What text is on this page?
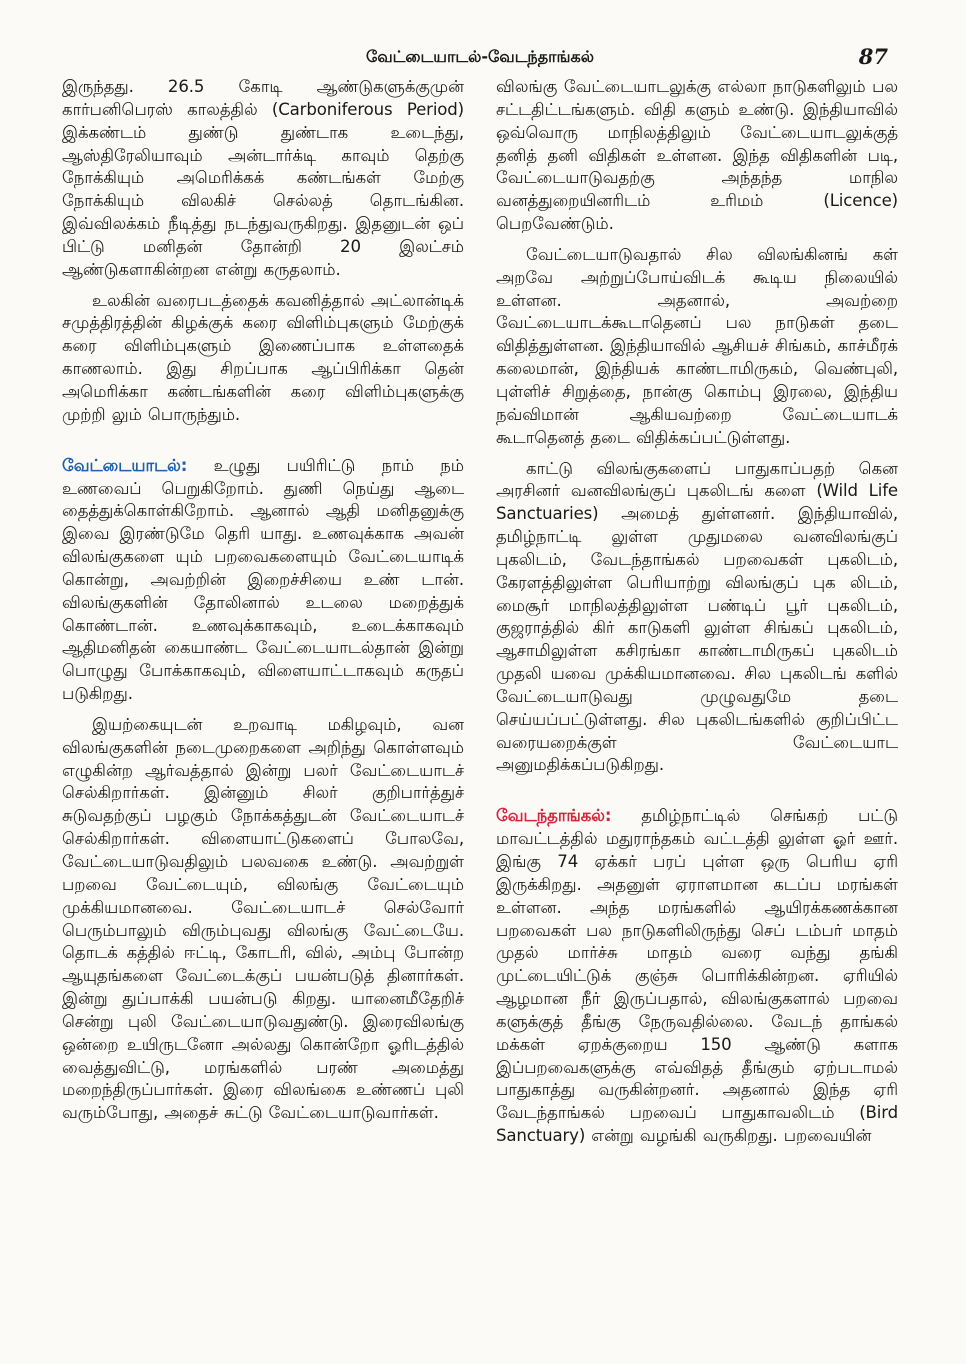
வேட்டையாடல்-வேடந்தாங்கல்	87

இருந்தது. 26.5 கோடி ஆண்டுகளுக்குமுன் கார்பனிபெரஸ் காலத்தில் (Carboniferous Period) இக்கண்டம் துண்டு துண்டாக உடைந்து, ஆஸ்திரேலியாவும் அன்டார்க்டி காவும் தெற்கு நோக்கியும் அமெரிக்கக் கண்டங்கள் மேற்கு நோக்கியும் விலகிச் செல்லத் தொடங்கின. இவ்விலக்கம் நீடித்து நடந்துவருகிறது. இதனுடன் ஒப் பிட்டு மனிதன் தோன்றி 20 இலட்சம் ஆண்டுகளாகின்றன என்று கருதலாம்.

உலகின் வரைபடத்தைக் கவனித்தால் அட்லான்டிக் சமுத்திரத்தின் கிழக்குக் கரை விளிம்புகளும் மேற்குக் கரை விளிம்புகளும் இணைப்பாக உள்ளதைக் காணலாம். இது சிறப்பாக ஆப்பிரிக்கா தென் அமெரிக்கா கண்டங்களின் கரை விளிம்புகளுக்கு முற்றி லும் பொருந்தும்.

வேட்டையாடல்: உழுது பயிரிட்டு நாம் நம் உணவைப் பெறுகிறோம். துணி நெய்து ஆடை தைத்துக்கொள்கிறோம். ஆனால் ஆதி மனிதனுக்கு இவை இரண்டுமே தெரி யாது. உணவுக்காக அவன் விலங்குகளை யும் பறவைகளையும் வேட்டையாடிக் கொன்று, அவற்றின் இறைச்சியை உண் டான். விலங்குகளின் தோலினால் உடலை மறைத்துக் கொண்டான். உணவுக்காகவும், உடைக்காகவும் ஆதிமனிதன் கையாண்ட வேட்டையாடல்தான் இன்று பொழுது போக்காகவும், விளையாட்டாகவும் கருதப் படுகிறது.

இயற்கையுடன் உறவாடி மகிழவும், வன விலங்குகளின் நடைமுறைகளை அறிந்து கொள்ளவும் எழுகின்ற ஆர்வத்தால் இன்று பலர் வேட்டையாடச் செல்கிறார்கள். இன்னும் சிலர் குறிபார்த்துச் சுடுவதற்குப் பழகும் நோக்கத்துடன் வேட்டையாடச் செல்கிறார்கள். விளையாட்டுகளைப் போலவே, வேட்டையாடுவதிலும் பலவகை உண்டு. அவற்றுள் பறவை வேட்டையும், விலங்கு வேட்டையும் முக்கியமானவை. வேட்டையாடச் செல்வோர் பெரும்பாலும் விரும்புவது விலங்கு வேட்டையே. தொடக் கத்தில் ஈட்டி, கோடரி, வில், அம்பு போன்ற ஆயுதங்களை வேட்டைக்குப் பயன்படுத் தினார்கள். இன்று துப்பாக்கி பயன்படு கிறது. யானைமீதேறிச் சென்று புலி வேட்டையாடுவதுண்டு. இரைவிலங்கு ஒன்றை உயிருடனோ அல்லது கொன்றோ ஓரிடத்தில் வைத்துவிட்டு, மரங்களில் பரண் அமைத்து மறைந்திருப்பார்கள். இரை விலங்கை உண்ணப் புலி வரும்போது, அதைச் சுட்டு வேட்டையாடுவார்கள்.

விலங்கு வேட்டையாடலுக்கு எல்லா நாடுகளிலும் பல சட்டதிட்டங்களும். விதி களும் உண்டு. இந்தியாவில் ஒவ்வொரு மாநிலத்திலும் வேட்டையாடலுக்குத் தனித் தனி விதிகள் உள்ளன. இந்த விதிகளின் படி, வேட்டையாடுவதற்கு அந்தந்த மாநில வனத்துறையினரிடம் உரிமம் (Licence) பெறவேண்டும்.

வேட்டையாடுவதால் சில விலங்கினங் கள் அறவே அற்றுப்போய்விடக் கூடிய நிலையில் உள்ளன. அதனால், அவற்றை வேட்டையாடக்கூடாதெனப் பல நாடுகள் தடை விதித்துள்ளன. இந்தியாவில் ஆசியச் சிங்கம், காச்மீரக் கலைமான், இந்தியக் காண்டாமிருகம், வெண்புலி, புள்ளிச் சிறுத்தை, நான்கு கொம்பு இரலை, இந்திய நவ்விமான் ஆகியவற்றை வேட்டையாடக் கூடாதெனத் தடை விதிக்கப்பட்டுள்ளது.

காட்டு விலங்குகளைப் பாதுகாப்பதற் கென அரசினர் வனவிலங்குப் புகலிடங் களை (Wild Life Sanctuaries) அமைத் துள்ளனர். இந்தியாவில், தமிழ்நாட்டி லுள்ள முதுமலை வனவிலங்குப் புகலிடம், வேடந்தாங்கல் பறவைகள் புகலிடம், கேரளத்திலுள்ள பெரியாற்று விலங்குப் புக லிடம், மைசூர் மாநிலத்திலுள்ள பண்டிப் பூர் புகலிடம், குஜராத்தில் கிர் காடுகளி லுள்ள சிங்கப் புகலிடம், ஆசாமிலுள்ள கசிரங்கா காண்டாமிருகப் புகலிடம் முதலி யவை முக்கியமானவை. சில புகலிடங் களில் வேட்டையாடுவது முழுவதுமே தடை செய்யப்பட்டுள்ளது. சில புகலிடங்களில் குறிப்பிட்ட வரையறைக்குள் வேட்டையாட அனுமதிக்கப்படுகிறது.

வேடந்தாங்கல்: தமிழ்நாட்டில் செங்கற் பட்டு மாவட்டத்தில் மதுராந்தகம் வட்டத்தி லுள்ள ஓர் ஊர். இங்கு 74 ஏக்கர் பரப் புள்ள ஒரு பெரிய ஏரி இருக்கிறது. அதனுள் ஏராளமான கடப்ப மரங்கள் உள்ளன. அந்த மரங்களில் ஆயிரக்கணக்கான பறவைகள் பல நாடுகளிலிருந்து செப் டம்பர் மாதம் முதல் மார்ச்சு மாதம் வரை வந்து தங்கி முட்டையிட்டுக் குஞ்சு பொரிக்கின்றன. ஏரியில் ஆழமான நீர் இருப்பதால், விலங்குகளால் பறவை களுக்குத் தீங்கு நேருவதில்லை. வேடந் தாங்கல் மக்கள் ஏறக்குறைய 150 ஆண்டு களாக இப்பறவைகளுக்கு எவ்விதத் தீங்கும் ஏற்படாமல் பாதுகாத்து வருகின்றனர். அதனால் இந்த ஏரி வேடந்தாங்கல் பறவைப் பாதுகாவலிடம் (Bird Sanctuary) என்று வழங்கி வருகிறது. பறவையின்
